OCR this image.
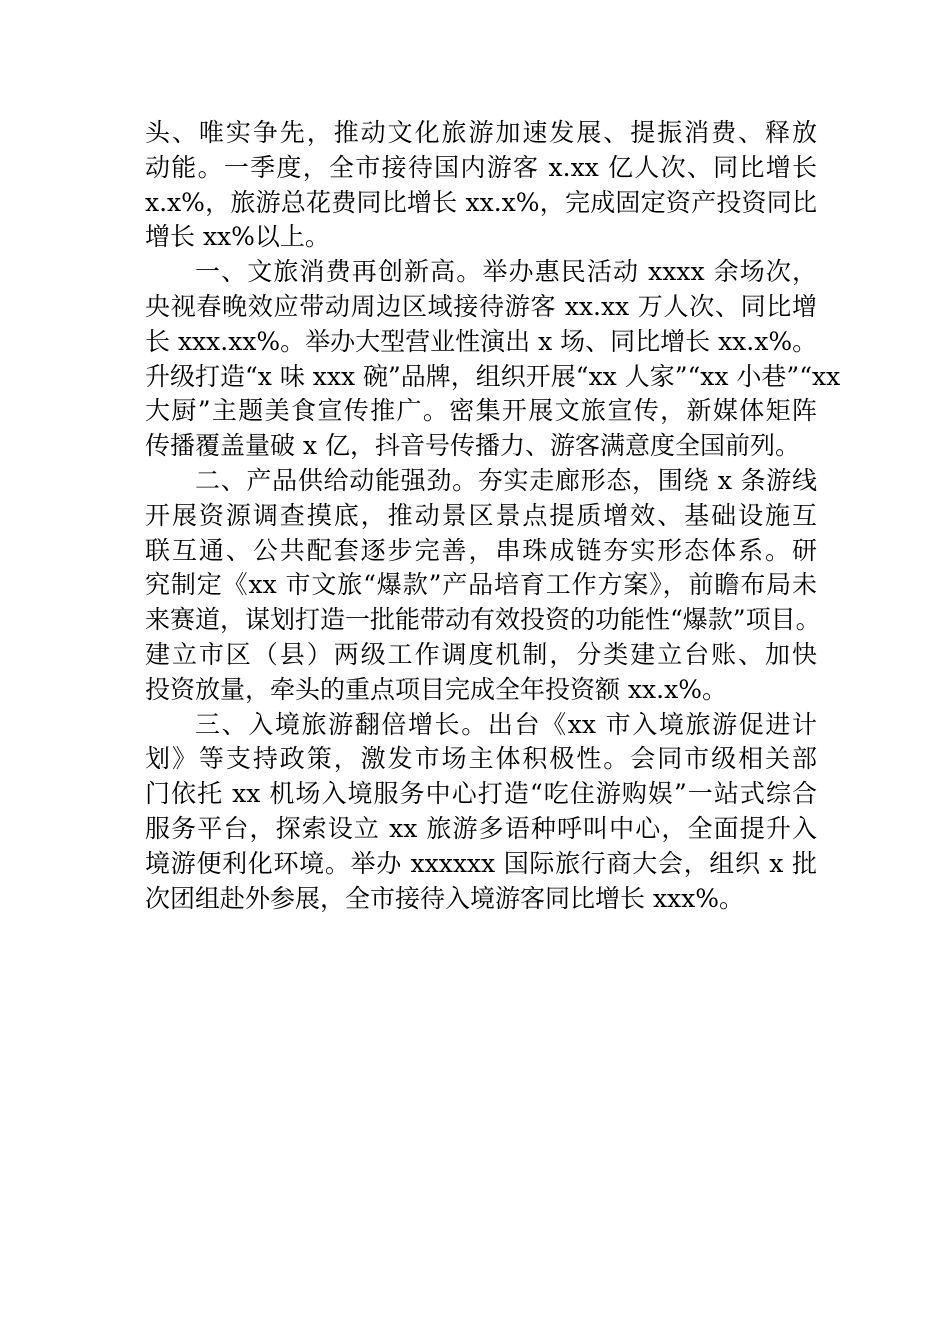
头、唯实争先，推动文化旅游加速发展、提振消费、释放
动能。一季度，全市接待国内游客 x.xx 亿人次、同比增长
x.x%，旅游总花费同比增长 xx.x%，完成固定资产投资同比
增长 xx%以上。
一、文旅消费再创新高。举办惠民活动 xxxx 余场次，
央视春晚效应带动周边区域接待游客 xx.xx 万人次、同比增
长 xxx.xx%。举办大型营业性演出 x 场、同比增长 xx.x%。
升级打造“x 味 xxx 碗”品牌，组织开展“xx 人家”“xx 小巷”“xx
大厨”主题美食宣传推广。密集开展文旅宣传，新媒体矩阵
传播覆盖量破 x 亿，抖音号传播力、游客满意度全国前列。
二、产品供给动能强劲。夯实走廊形态，围绕 x 条游线
开展资源调查摸底，推动景区景点提质增效、基础设施互
联互通、公共配套逐步完善，串珠成链夯实形态体系。研
究制定《xx 市文旅“爆款”产品培育工作方案》，前瞻布局未
来赛道，谋划打造一批能带动有效投资的功能性“爆款”项目。
建立市区（县）两级工作调度机制，分类建立台账、加快
投资放量，牵头的重点项目完成全年投资额 xx.x%。
三、入境旅游翻倍增长。出台《xx 市入境旅游促进计
划》等支持政策，激发市场主体积极性。会同市级相关部
门依托 xx 机场入境服务中心打造“吃住游购娱”一站式综合
服务平台，探索设立 xx 旅游多语种呼叫中心，全面提升入
境游便利化环境。举办 xxxxxx 国际旅行商大会，组织 x 批
次团组赴外参展，全市接待入境游客同比增长 xxx%。
